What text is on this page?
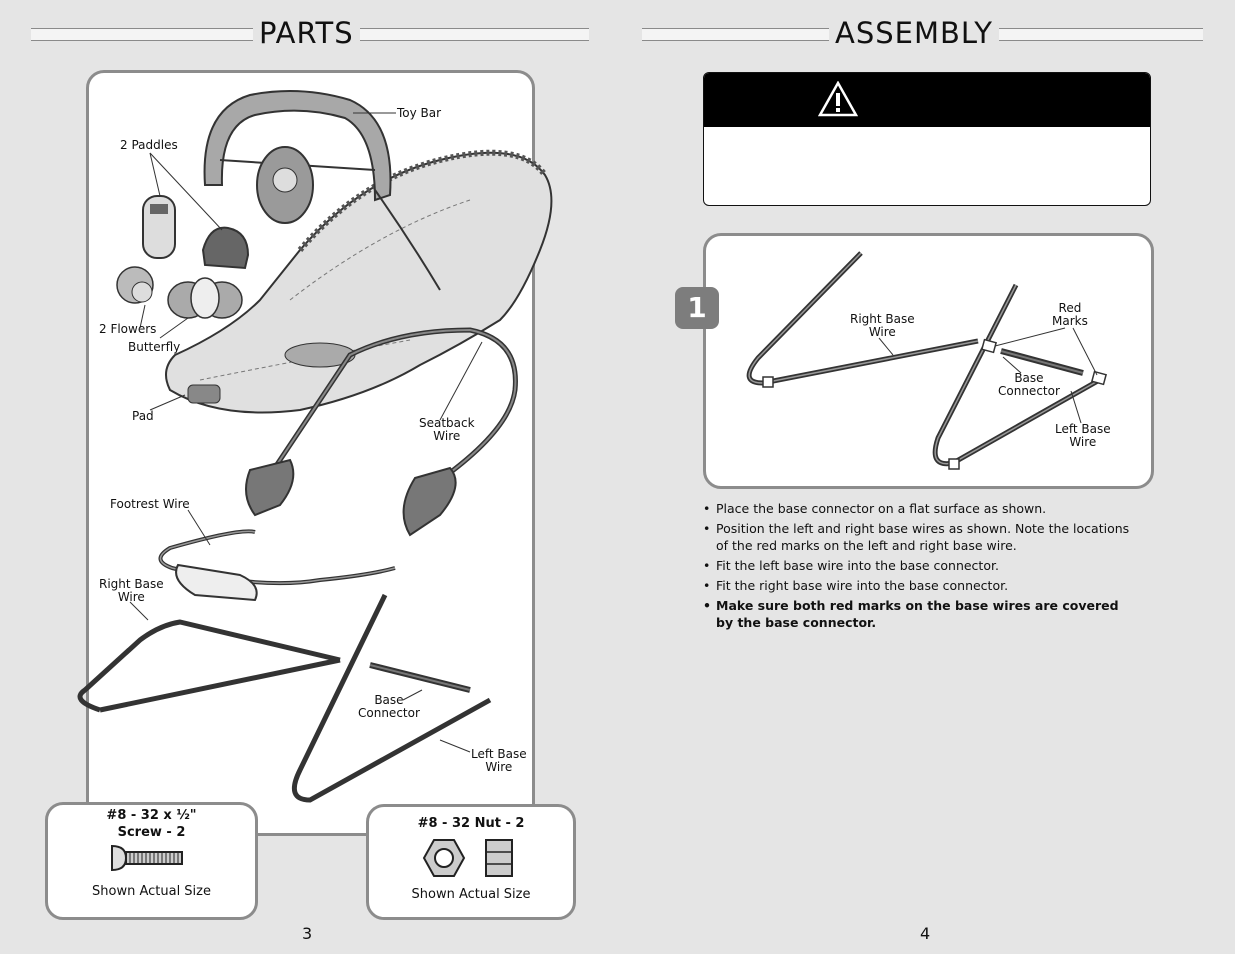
PARTS
Toy Bar
2 Paddles
2 Flowers
Butterfly
Pad	Seatback
Wire
Footrest Wire
Right Base
Wire
Base
Connector
Left Base
Wire
#8 - 32 x ½"
Screw - 2
Shown Actual Size
#8 - 32 Nut - 2
Shown Actual Size
3
ASSEMBLY
1	Right Base
Wire
Red
Marks
Base
Connector
Left Base
Wire
• Place the base connector on a flat surface as shown.
• Position the left and right base wires as shown. Note the locations of the red marks on the left and right base wire.
• Fit the left base wire into the base connector.
• Fit the right base wire into the base connector.
• Make sure both red marks on the base wires are covered by the base connector.
4
